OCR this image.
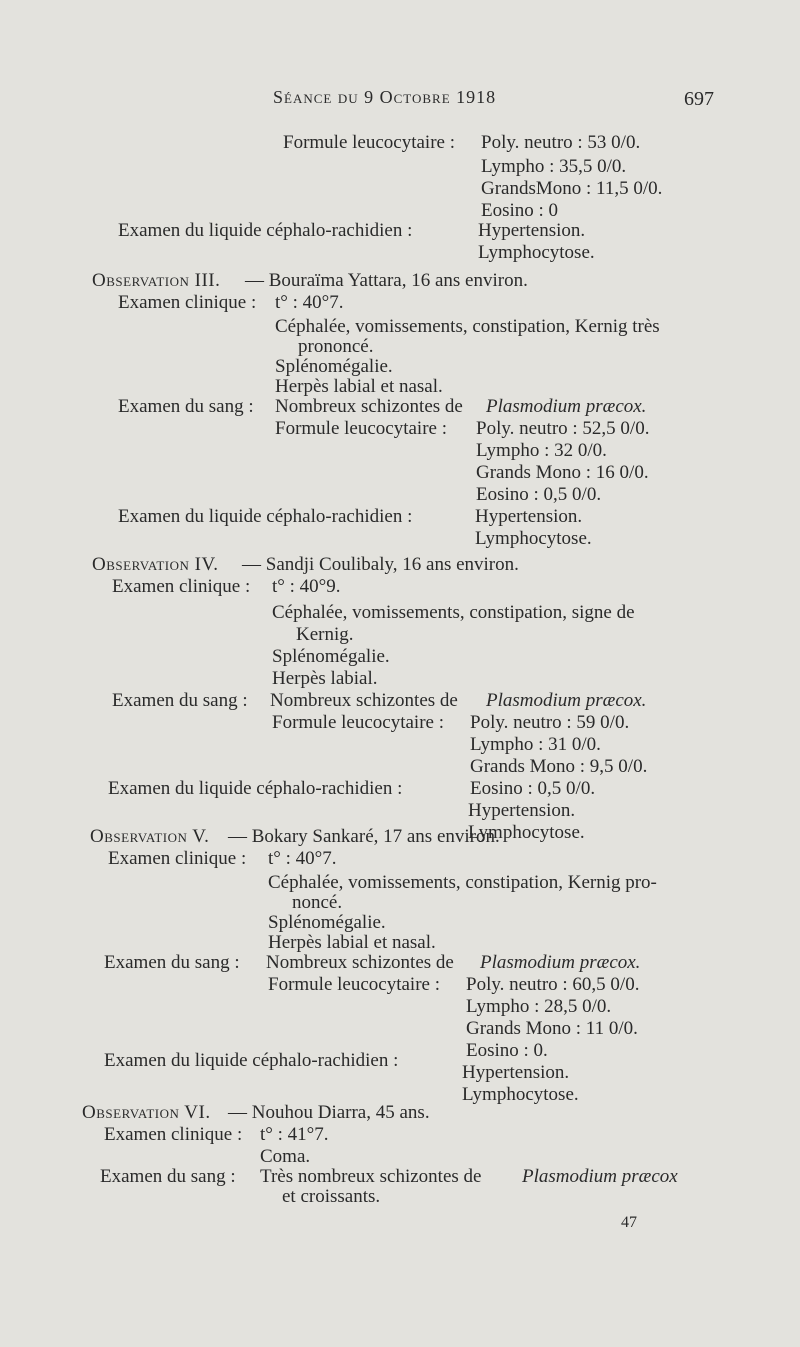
Séance du 9 Octobre 1918	697
Formule leucocytaire : Poly. neutro : 53 0/0.
Lympho : 35,5 0/0.
GrandsMono : 11,5 0/0.
Eosino : 0
Examen du liquide céphalo-rachidien :	Hypertension.
Lymphocytose.
Observation III. — Bouraïma Yattara, 16 ans environ.
Examen clinique : t° : 40°7.
Céphalée, vomissements, constipation, Kernig très
prononcé.
Splénomégalie.
Herpès labial et nasal.
Examen du sang : Nombreux schizontes de Plasmodium præcox.
Formule leucocytaire : Poly. neutro : 52,5 0/0.
Lympho : 32 0/0.
Grands Mono : 16 0/0.
Eosino : 0,5 0/0.
Examen du liquide céphalo-rachidien :	Hypertension.
Lymphocytose.
Observation IV. — Sandji Coulibaly, 16 ans environ.
Examen clinique : t° : 40°9.
Céphalée, vomissements, constipation, signe de
Kernig.
Splénomégalie.
Herpès labial.
Examen du sang : Nombreux schizontes de Plasmodium præcox.
Formule leucocytaire : Poly. neutro : 59 0/0.
Lympho : 31 0/0.
Grands Mono : 9,5 0/0.
Eosino : 0,5 0/0.
Examen du liquide céphalo-rachidien :
Hypertension.
Lymphocytose.
Observation V. — Bokary Sankaré, 17 ans environ.
Examen clinique : t° : 40°7.
Céphalée, vomissements, constipation, Kernig pro-
noncé.
Splénomégalie.
Herpès labial et nasal.
Examen du sang : Nombreux schizontes de Plasmodium præcox.
Formule leucocytaire : Poly. neutro : 60,5 0/0.
Lympho : 28,5 0/0.
Grands Mono : 11 0/0.
Eosino : 0.
Examen du liquide céphalo-rachidien :
Hypertension.
Lymphocytose.
Observation VI. — Nouhou Diarra, 45 ans.
Examen clinique : t° : 41°7.
Coma.
Examen du sang : Très nombreux schizontes de Plasmodium præcox
et croissants.
47
